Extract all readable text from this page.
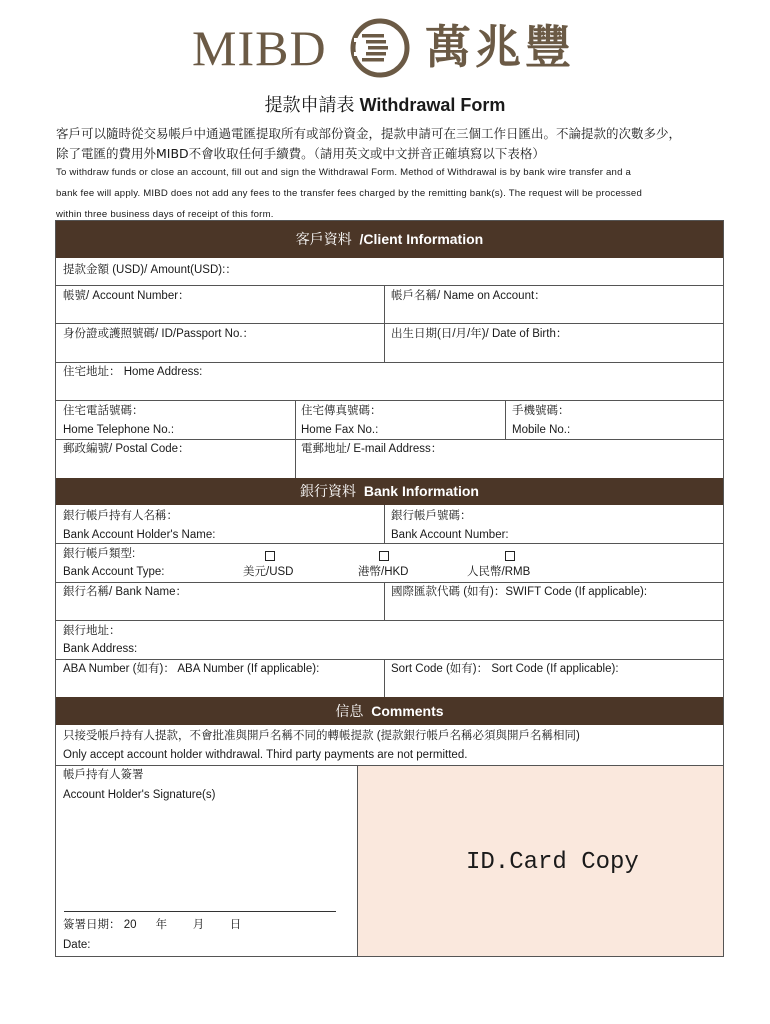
MIBD 萬兆豐
提款申請表 Withdrawal Form
客戶可以隨時從交易帳戶中通過電匯提取所有或部份資金，提款申請可在三個工作日匯出。不論提款的次數多少，
除了電匯的費用外MIBD不會收取任何手續費。（請用英文或中文拼音正確填寫以下表格）
To withdraw funds or close an account, fill out and sign the Withdrawal Form. Method of Withdrawal is by bank wire transfer and a
bank fee will apply. MIBD does not add any fees to the transfer fees charged by the remitting bank(s). The request will be processed
within three business days of receipt of this form.
客戶資料 /Client Information
提款金額 (USD)/ Amount(USD):：
帳號/ Account Number：	帳戶名稱/ Name on Account：
身份證或護照號碼/ ID/Passport No.：	出生日期(日/月/年)/ Date of Birth：
住宅地址： Home Address:
住宅電話號碼：
Home Telephone No.:
住宅傳真號碼：
Home Fax No.:
手機號碼：
Mobile No.:
郵政編號/ Postal Code：	電郵地址/ E-mail Address：
銀行資料 Bank Information
銀行帳戶持有人名稱：
Bank Account Holder's Name:
銀行帳戶號碼：
Bank Account Number:
銀行帳戶類型:
Bank Account Type:	美元/USD	港幣/HKD	人民幣/RMB
銀行名稱/ Bank Name：	國際匯款代碼 (如有)：SWIFT Code (If applicable):
銀行地址：
Bank Address:
ABA Number (如有)： ABA Number (If applicable):	Sort Code (如有)： Sort Code (If applicable):
信息 Comments
只接受帳戶持有人提款，不會批准與開戶名稱不同的轉帳提款 (提款銀行帳戶名稱必須與開戶名稱相同)
Only accept account holder withdrawal. Third party payments are not permitted.
帳戶持有人簽署
Account Holder's Signature(s)
簽署日期： 20      年        月        日
Date:
ID.Card Copy
